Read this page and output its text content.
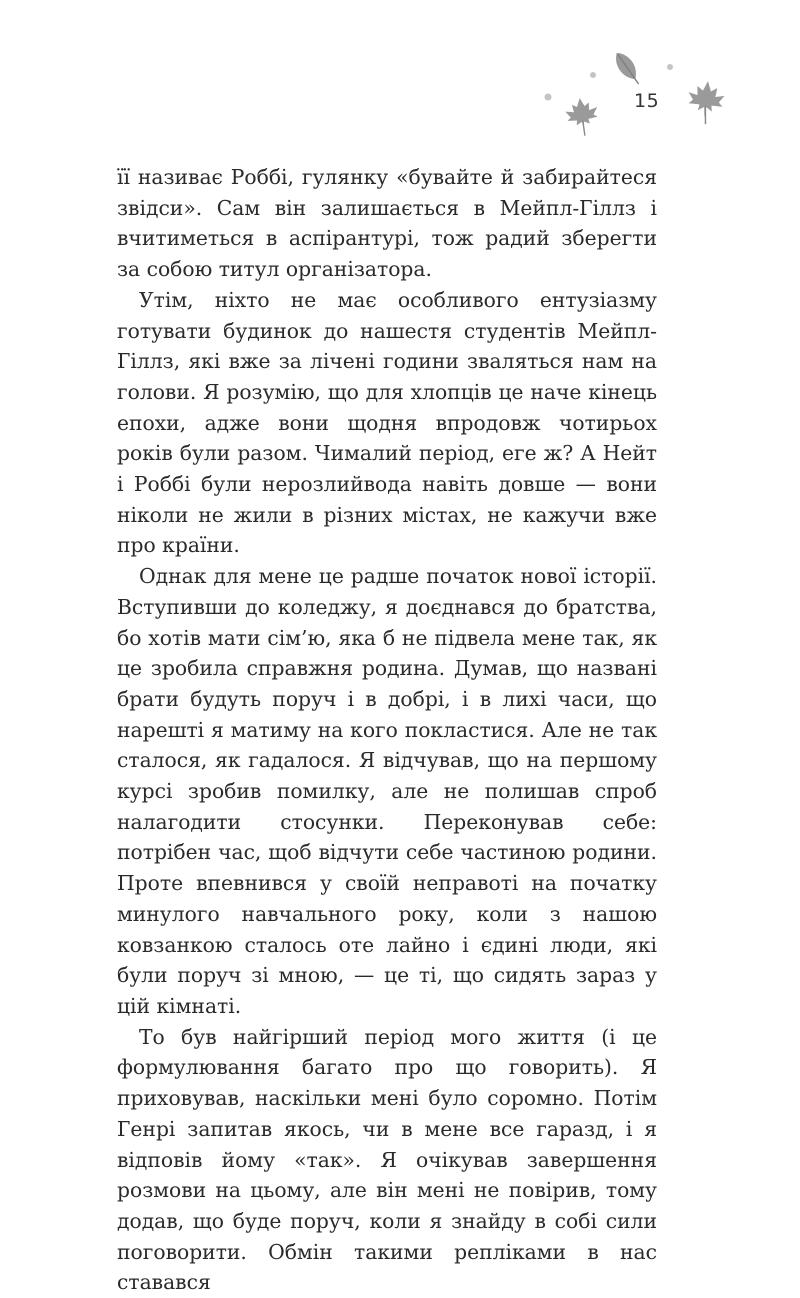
15

її називає Роббі, гулянку «бувайте й забирайтеся звідси». Сам він залишається в Мейпл-Гіллз і вчитиметься в аспірантурі, тож радий зберегти за собою титул організатора.

Утім, ніхто не має особливого ентузіазму готувати будинок до нашестя студентів Мейпл-Гіллз, які вже за лічені години зваляться нам на голови. Я розумію, що для хлопців це наче кінець епохи, адже вони щодня впродовж чотирьох років були разом. Чималий період, еге ж? А Нейт і Роббі були нерозлийвода навіть довше — вони ніколи не жили в різних містах, не кажучи вже про країни.

Однак для мене це радше початок нової історії. Вступивши до коледжу, я доєднався до братства, бо хотів мати сім’ю, яка б не підвела мене так, як це зробила справжня родина. Думав, що названі брати будуть поруч і в добрі, і в лихі часи, що нарешті я матиму на кого покластися. Але не так сталося, як гадалося. Я відчував, що на першому курсі зробив помилку, але не полишав спроб налагодити стосунки. Переконував себе: потрібен час, щоб відчути себе частиною родини. Проте впевнився у своїй неправоті на початку минулого навчального року, коли з нашою ковзанкою сталось оте лайно і єдині люди, які були поруч зі мною, — це ті, що сидять зараз у цій кімнаті.

То був найгірший період мого життя (і це формулювання багато про що говорить). Я приховував, наскільки мені було соромно. Потім Генрі запитав якось, чи в мене все гаразд, і я відповів йому «так». Я очікував завершення розмови на цьому, але він мені не повірив, тому додав, що буде поруч, коли я знайду в собі сили поговорити. Обмін такими репліками в нас ставався
